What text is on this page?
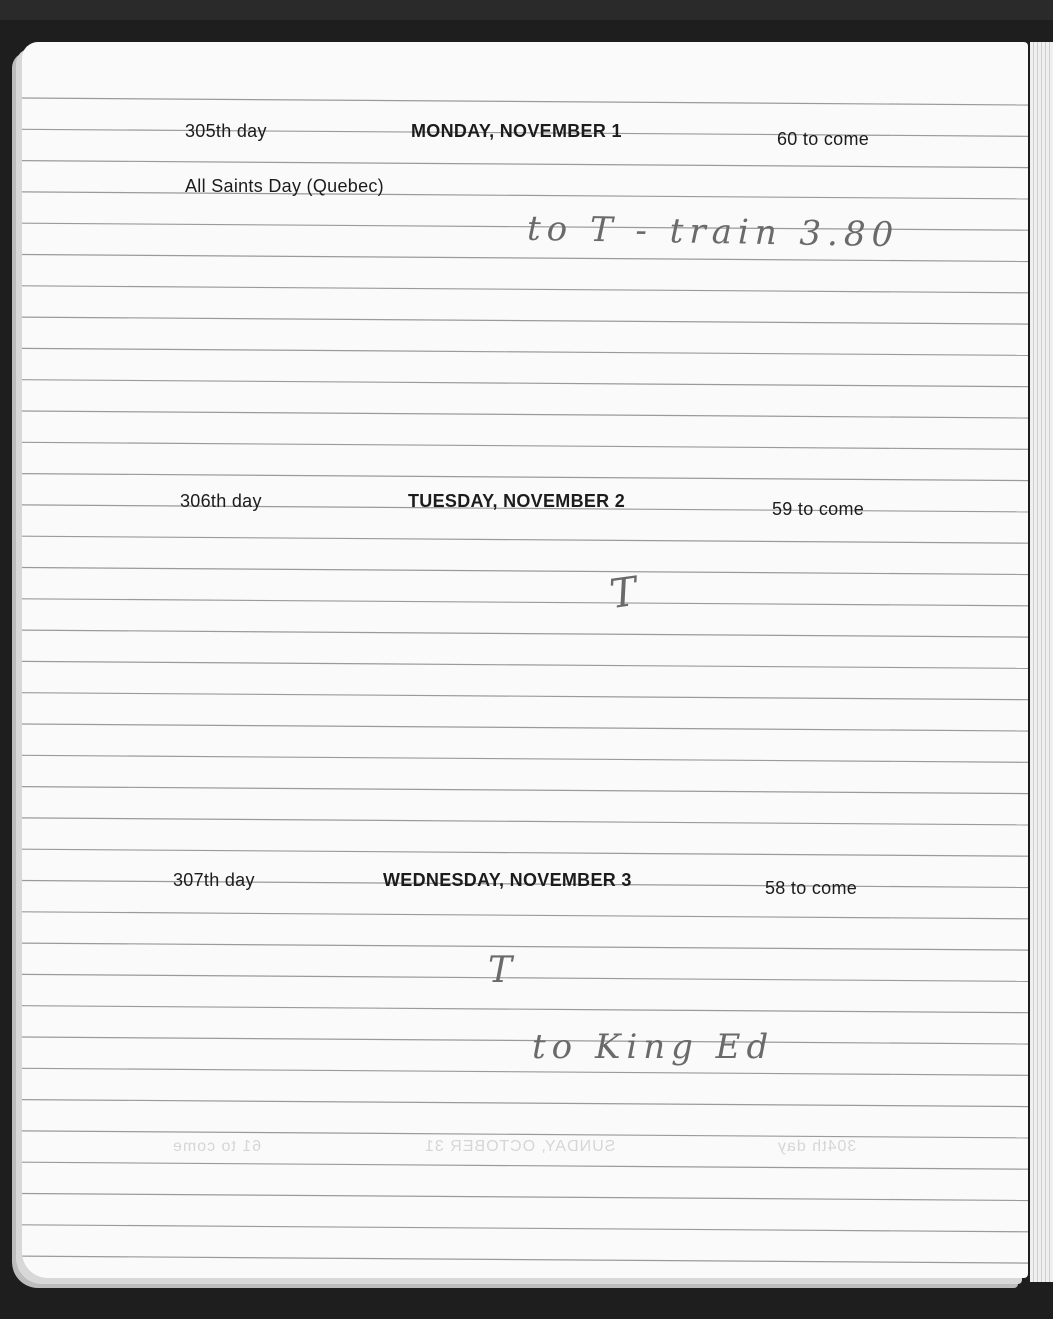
305th day	MONDAY, NOVEMBER 1	60 to come
All Saints Day (Quebec)
to T - train 3.80
306th day	TUESDAY, NOVEMBER 2	59 to come
T
307th day	WEDNESDAY, NOVEMBER 3	58 to come
T
to King Ed
61 to come	SUNDAY, OCTOBER 31	304th day
